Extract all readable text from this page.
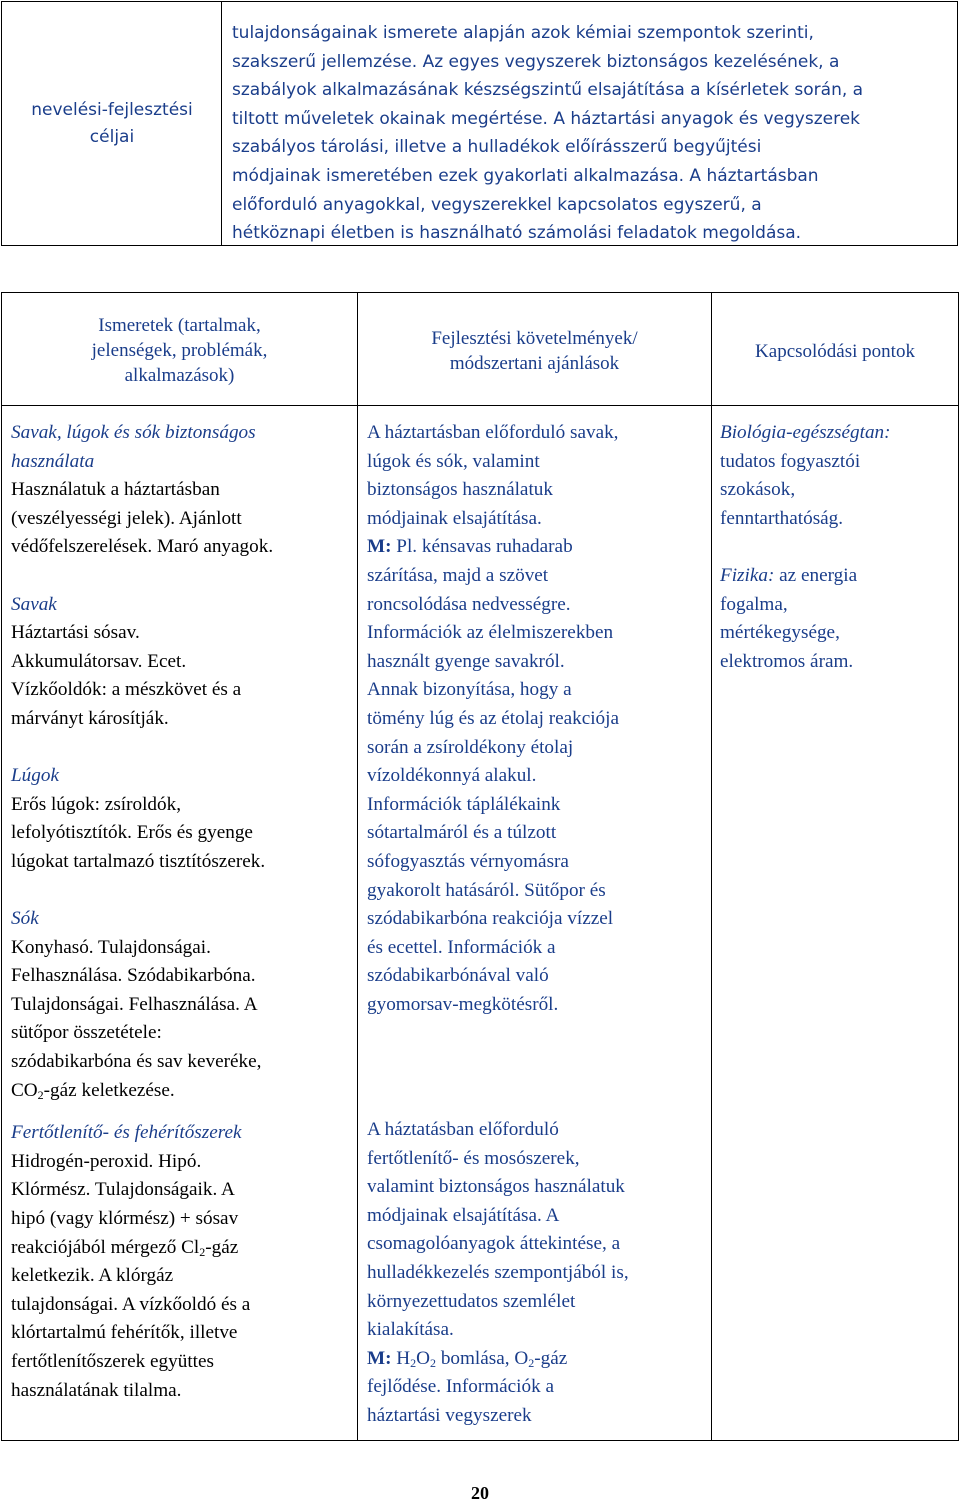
nevelési-fejlesztési
céljai
tulajdonságainak ismerete alapján azok kémiai szempontok szerinti,
szakszerű jellemzése. Az egyes vegyszerek biztonságos kezelésének, a
szabályok alkalmazásának készségszintű elsajátítása a kísérletek során, a
tiltott műveletek okainak megértése. A háztartási anyagok és vegyszerek
szabályos tárolási, illetve a hulladékok előírásszerű begyűjtési
módjainak ismeretében ezek gyakorlati alkalmazása. A háztartásban
előforduló anyagokkal, vegyszerekkel kapcsolatos egyszerű, a
hétköznapi életben is használható számolási feladatok megoldása.
Ismeretek (tartalmak,
jelenségek, problémák,
alkalmazások)
Fejlesztési követelmények/
módszertani ajánlások
Kapcsolódási pontok
Savak, lúgok és sók biztonságos
használata
Használatuk a háztartásban
(veszélyességi jelek). Ajánlott
védőfelszerelések. Maró anyagok.
Savak
Háztartási sósav.
Akkumulátorsav. Ecet.
Vízkőoldók: a mészkövet és a
márványt károsítják.
Lúgok
Erős lúgok: zsíroldók,
lefolyótisztítók. Erős és gyenge
lúgokat tartalmazó tisztítószerek.
Sók
Konyhasó. Tulajdonságai.
Felhasználása. Szódabikarbóna.
Tulajdonságai. Felhasználása. A
sütőpor összetétele:
szódabikarbóna és sav keveréke,
$CO_2$-gáz keletkezése.
Fertőtlenítő- és fehérítőszerek
Hidrogén-peroxid. Hipó.
Klórmész. Tulajdonságaik. A
hipó (vagy klórmész) + sósav
reakciójából mérgező $Cl_2$-gáz
keletkezik. A klórgáz
tulajdonságai. A vízkőoldó és a
klórtartalmú fehérítők, illetve
fertőtlenítőszerek együttes
használatának tilalma.
A háztartásban előforduló savak,
lúgok és sók, valamint
biztonságos használatuk
módjainak elsajátítása.
M: Pl. kénsavas ruhadarab
szárítása, majd a szövet
roncsolódása nedvességre.
Információk az élelmiszerekben
használt gyenge savakról.
Annak bizonyítása, hogy a
tömény lúg és az étolaj reakciója
során a zsíroldékony étolaj
vízoldékonnyá alakul.
Információk táplálékaink
sótartalmáról és a túlzott
sófogyasztás vérnyomásra
gyakorolt hatásáról. Sütőpor és
szódabikarbóna reakciója vízzel
és ecettel. Információk a
szódabikarbónával való
gyomorsav-megkötésről.
A háztatásban előforduló
fertőtlenítő- és mosószerek,
valamint biztonságos használatuk
módjainak elsajátítása. A
csomagolóanyagok áttekintése, a
hulladékkezelés szempontjából is,
környezettudatos szemlélet
kialakítása.
M: $H_2O_2$ bomlása, $O_2$-gáz
fejlődése. Információk a
háztartási vegyszerek
Biológia-egészségtan:
tudatos fogyasztói
szokások,
fenntarthatóság.
Fizika: az energia
fogalma,
mértékegysége,
elektromos áram.
20
